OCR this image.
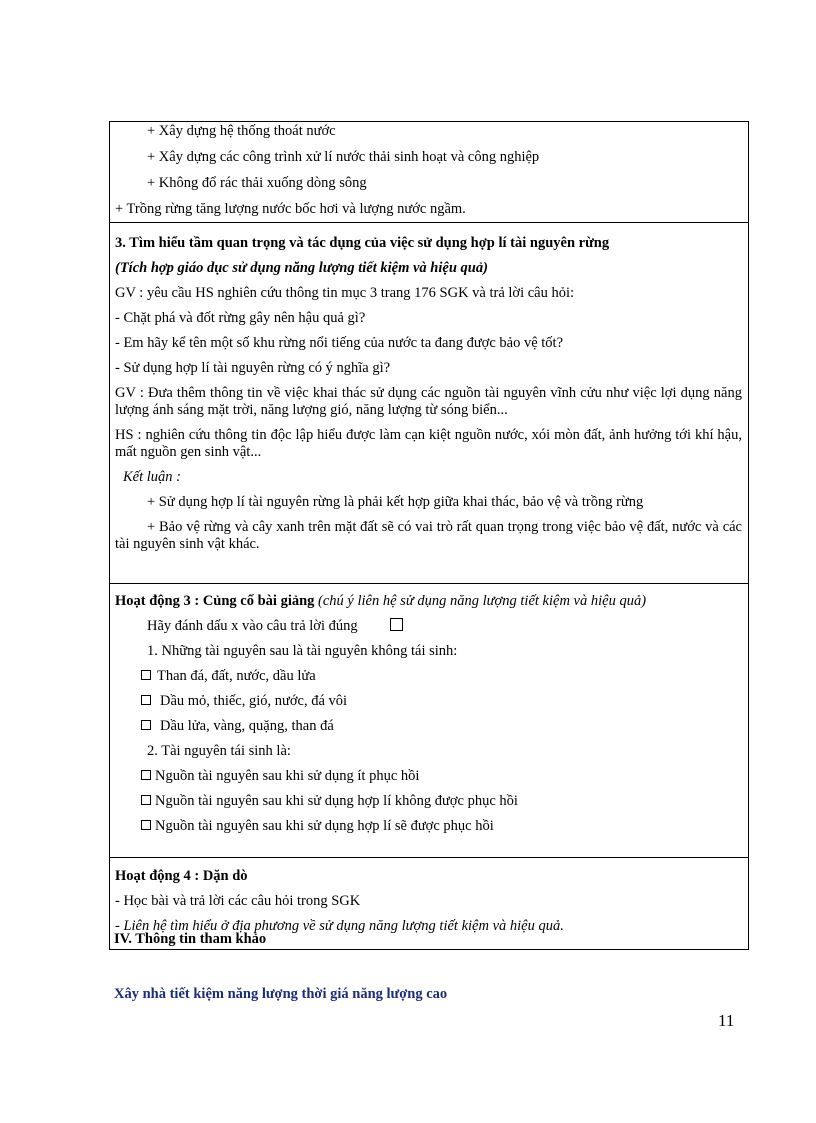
+ Xây dựng hệ thống thoát nước

+ Xây dựng các công trình xử lí nước thải sinh hoạt và công nghiệp

+ Không đổ rác thải xuống dòng sông

+ Trồng rừng tăng lượng nước bốc hơi và lượng nước ngầm.

3. Tìm hiểu tầm quan trọng và tác dụng của việc sử dụng hợp lí tài nguyên rừng

(Tích hợp giáo dục sử dụng năng lượng tiết kiệm và hiệu quả)

GV : yêu cầu HS nghiên cứu thông tin mục 3 trang 176 SGK và trả lời câu hỏi:

- Chặt phá và đốt rừng gây nên hậu quả gì?

- Em hãy kể tên một số khu rừng nổi tiếng của nước ta đang được bảo vệ tốt?

- Sử dụng hợp lí tài nguyên rừng có ý nghĩa gì?

GV : Đưa thêm thông tin về việc khai thác sử dụng các nguồn tài nguyên vĩnh cửu như việc lợi dụng năng lượng ánh sáng mặt trời, năng lượng gió, năng lượng từ sóng biển...

HS : nghiên cứu thông tin độc lập hiểu được làm cạn kiệt nguồn nước, xói mòn đất, ảnh hưởng tới khí hậu, mất nguồn gen sinh vật...

Kết luận :

+ Sử dụng hợp lí tài nguyên rừng là phải kết hợp giữa khai thác, bảo vệ và trồng rừng

+ Bảo vệ rừng và cây xanh trên mặt đất sẽ có vai trò rất quan trọng trong việc bảo vệ đất, nước và các tài nguyên sinh vật khác.

Hoạt động 3 : Củng cố bài giảng (chú ý liên hệ sử dụng năng lượng tiết kiệm và hiệu quả)

Hãy đánh dấu x vào câu trả lời đúng

1. Những tài nguyên sau là tài nguyên không tái sinh:

Than đá, đất, nước, dầu lửa

Dầu mỏ, thiếc, gió, nước, đá vôi

Dầu lửa, vàng, quặng, than đá

2. Tài nguyên tái sinh là:

Nguồn tài nguyên sau khi sử dụng ít phục hồi

Nguồn tài nguyên sau khi sử dụng hợp lí không được phục hồi

Nguồn tài nguyên sau khi sử dụng hợp lí sẽ được phục hồi

Hoạt động 4 : Dặn dò

- Học bài và trả lời các câu hỏi trong SGK

- Liên hệ tìm hiểu ở địa phương về sử dụng năng lượng tiết kiệm và hiệu quả.

IV. Thông tin tham khảo
Xây nhà tiết kiệm năng lượng thời giá năng lượng cao
11
